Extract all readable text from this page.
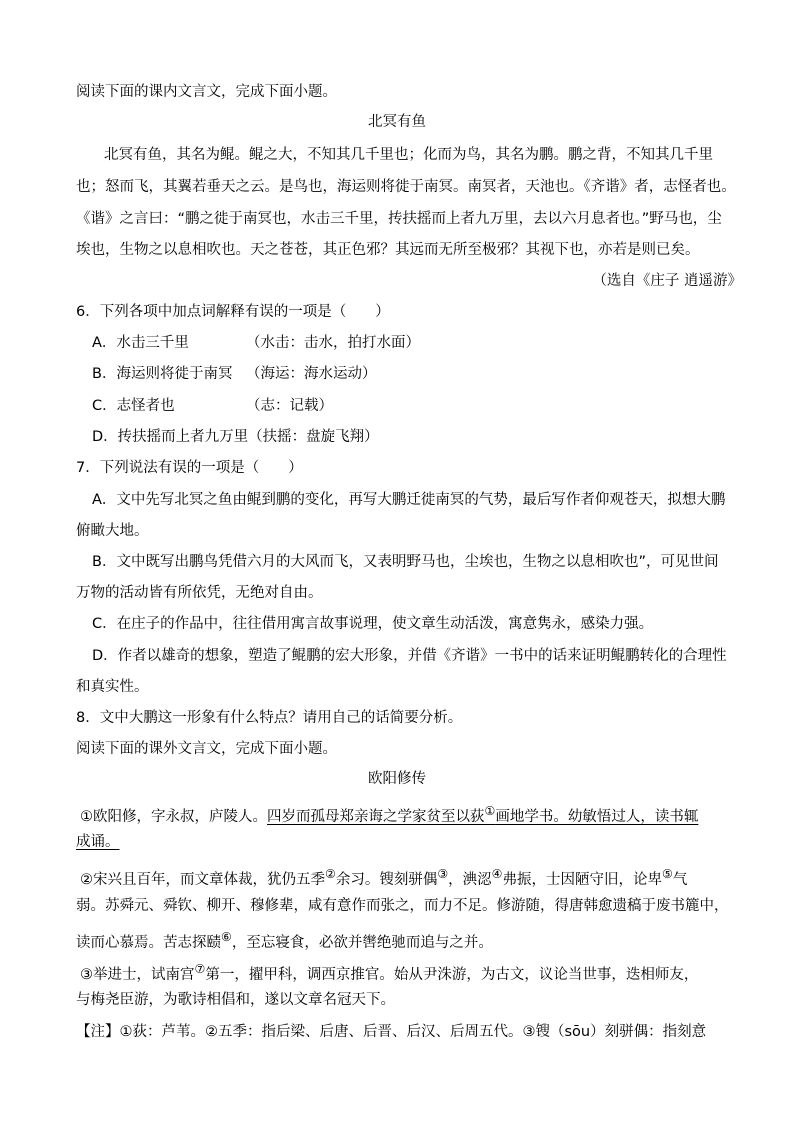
阅读下面的课内文言文，完成下面小题。
北冥有鱼
北冥有鱼，其名为鲲。鲲之大，不知其几千里也；化而为鸟，其名为鹏。鹏之背，不知其几千里
也；怒而飞，其翼若垂天之云。是鸟也，海运则将徙于南冥。南冥者，天池也。《齐谐》者，志怪者也。
《谐》之言曰：“鹏之徙于南冥也，水击三千里，抟扶摇而上者九万里，去以六月息者也。”野马也，尘
埃也，生物之以息相吹也。天之苍苍，其正色邪？其远而无所至极邪？其视下也，亦若是则已矣。
（选自《庄子 逍遥游》
6．下列各项中加点词解释有误的一项是（　　）
A．水击三千里	（水击：击水，拍打水面）
B．海运则将徙于南冥 （海运：海水运动）
C．志怪者也	（志：记载）
D．抟扶摇而上者九万里（扶摇：盘旋飞翔）
7．下列说法有误的一项是（　　）
A．文中先写北冥之鱼由鲲到鹏的变化，再写大鹏迁徙南冥的气势，最后写作者仰观苍天，拟想大鹏
俯瞰大地。
B．文中既写出鹏鸟凭借六月的大风而飞，又表明野马也，尘埃也，生物之以息相吹也”，可见世间
万物的活动皆有所依凭，无绝对自由。
C．在庄子的作品中，往往借用寓言故事说理，使文章生动活泼，寓意隽永，感染力强。
D．作者以雄奇的想象，塑造了鲲鹏的宏大形象，并借《齐谐》一书中的话来证明鲲鹏转化的合理性
和真实性。
8．文中大鹏这一形象有什么特点？请用自己的话简要分析。
阅读下面的课外文言文，完成下面小题。
欧阳修传
①欧阳修，字永叔，庐陵人。四岁而孤母郑亲诲之学家贫至以荻①画地学书。幼敏悟过人，读书辄
成诵。
②宋兴且百年，而文章体裁，犹仍五季②余习。锼刻骈偶③，淟涊④弗振，士因陋守旧，论卑⑤气
弱。苏舜元、舜钦、柳开、穆修辈，咸有意作而张之，而力不足。修游随，得唐韩愈遗稿于废书簏中，
读而心慕焉。苦志探赜⑥，至忘寝食，必欲并辔绝驰而追与之并。
③举进士，试南宫⑦第一，擢甲科，调西京推官。始从尹洙游，为古文，议论当世事，迭相师友，
与梅尧臣游，为歌诗相倡和，遂以文章名冠天下。
【注】①荻：芦苇。②五季：指后梁、后唐、后晋、后汉、后周五代。③锼（sōu）刻骈偶：指刻意
